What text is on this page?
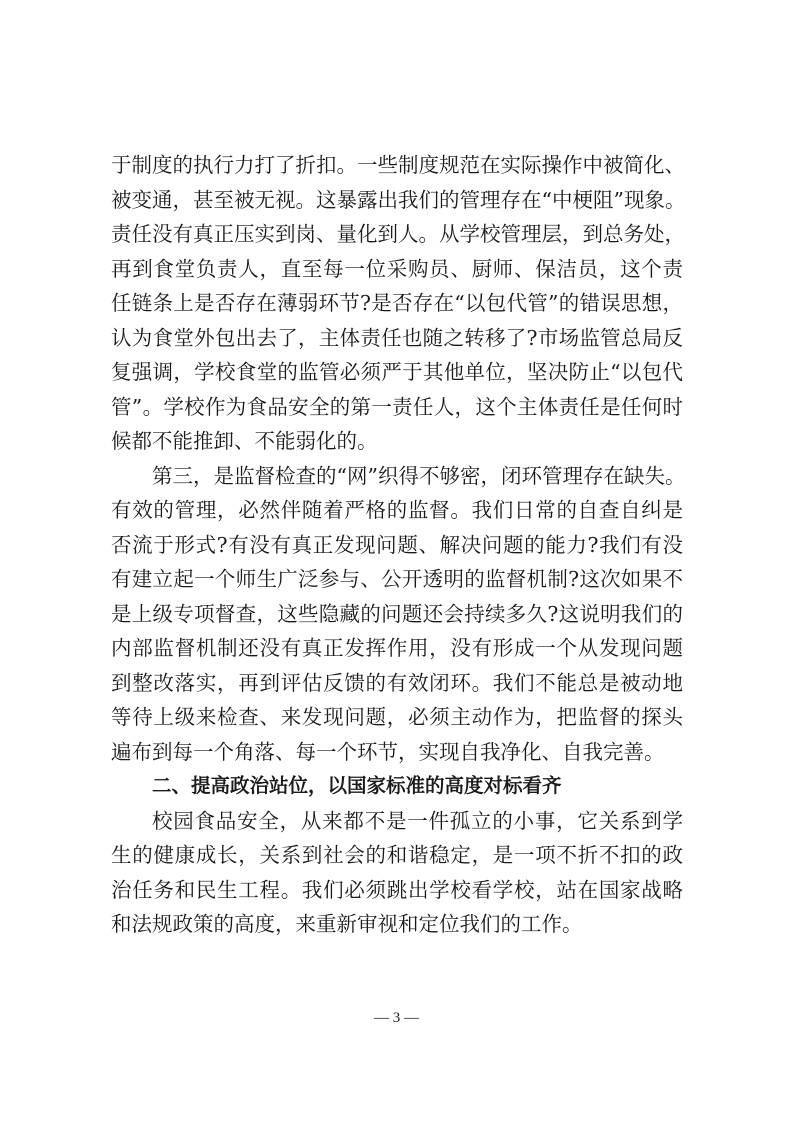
于制度的执行力打了折扣。一些制度规范在实际操作中被简化、
被变通，甚至被无视。这暴露出我们的管理存在“中梗阻”现象。
责任没有真正压实到岗、量化到人。从学校管理层，到总务处，
再到食堂负责人，直至每一位采购员、厨师、保洁员，这个责
任链条上是否存在薄弱环节?是否存在“以包代管”的错误思想，
认为食堂外包出去了，主体责任也随之转移了?市场监管总局反
复强调，学校食堂的监管必须严于其他单位，坚决防止“以包代
管”。学校作为食品安全的第一责任人，这个主体责任是任何时
候都不能推卸、不能弱化的。
第三，是监督检查的“网”织得不够密，闭环管理存在缺失。
有效的管理，必然伴随着严格的监督。我们日常的自查自纠是
否流于形式?有没有真正发现问题、解决问题的能力?我们有没
有建立起一个师生广泛参与、公开透明的监督机制?这次如果不
是上级专项督查，这些隐藏的问题还会持续多久?这说明我们的
内部监督机制还没有真正发挥作用，没有形成一个从发现问题
到整改落实，再到评估反馈的有效闭环。我们不能总是被动地
等待上级来检查、来发现问题，必须主动作为，把监督的探头
遍布到每一个角落、每一个环节，实现自我净化、自我完善。
二、提高政治站位，以国家标准的高度对标看齐
校园食品安全，从来都不是一件孤立的小事，它关系到学
生的健康成长，关系到社会的和谐稳定，是一项不折不扣的政
治任务和民生工程。我们必须跳出学校看学校，站在国家战略
和法规政策的高度，来重新审视和定位我们的工作。
— 3 —
